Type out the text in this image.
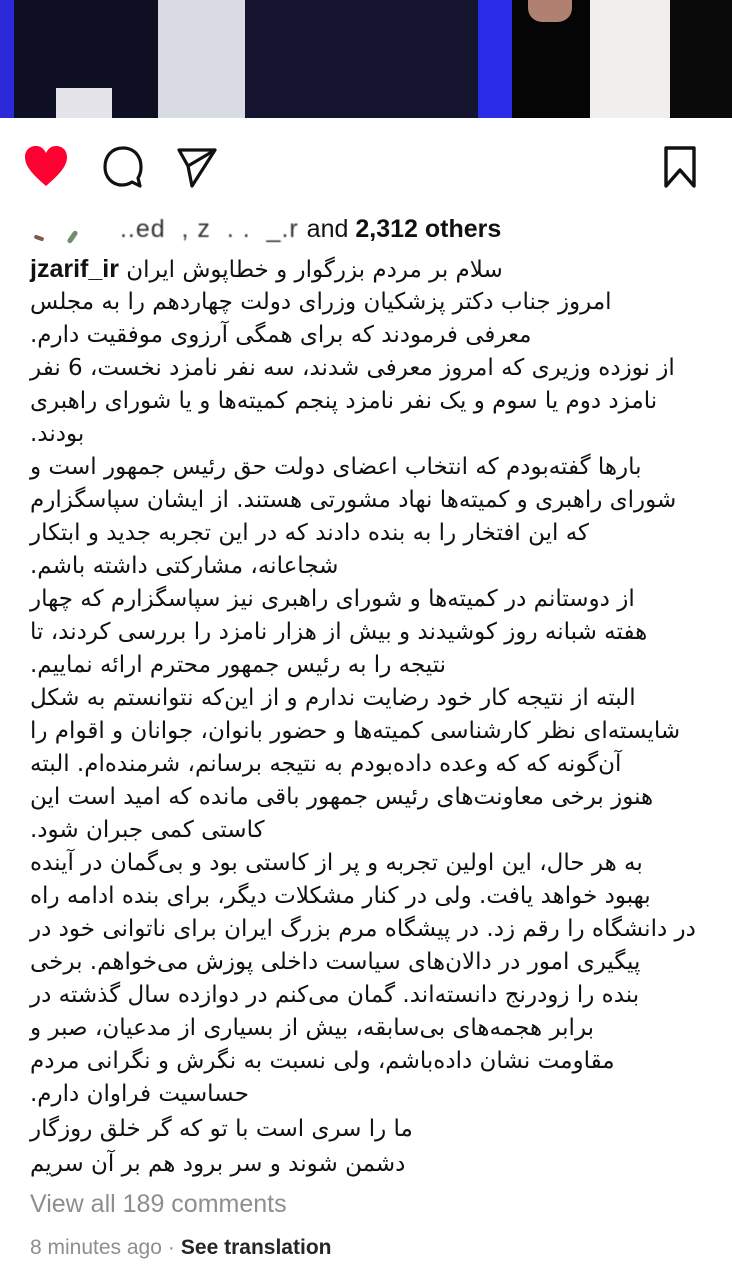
..ed  , z  . .  _.r and 2,312 others
jzarif_ir سلام بر مردم بزرگوار و خطاپوش ایران
امروز جناب دکتر پزشکیان وزرای دولت چهاردهم را به مجلس
معرفی فرمودند که برای همگی آرزوی موفقیت دارم.
از نوزده وزیری که امروز معرفی شدند، سه نفر نامزد نخست، 6 نفر
نامزد دوم یا سوم و یک نفر نامزد پنجم کمیته‌ها و یا شورای راهبری
بودند.
بارها گفته‌بودم که انتخاب اعضای دولت حق رئیس جمهور است و
شورای راهبری و کمیته‌ها نهاد مشورتی هستند. از ایشان سپاسگزارم
که این افتخار را به بنده دادند که در این تجربه جدید و ابتکار
شجاعانه، مشارکتی داشته باشم.
از دوستانم در کمیته‌ها و شورای راهبری نیز سپاسگزارم که چهار
هفته شبانه روز کوشیدند و بیش از هزار نامزد را بررسی کردند، تا
نتیجه را به رئیس جمهور محترم ارائه نماییم.
البته از نتیجه کار خود رضایت ندارم و از این‌که نتوانستم به شکل
شایسته‌ای نظر کارشناسی کمیته‌ها و حضور بانوان، جوانان و اقوام را
آن‌گونه که که وعده داده‌بودم به نتیجه برسانم، شرمنده‌ام. البته
هنوز برخی معاونت‌های رئیس جمهور باقی مانده که امید است این
کاستی کمی جبران شود.
به هر حال، این اولین تجربه و پر از کاستی بود و بی‌گمان در آینده
بهبود خواهد یافت. ولی در کنار مشکلات دیگر، برای بنده ادامه راه
در دانشگاه را رقم زد. در پیشگاه مرم بزرگ ایران برای ناتوانی خود در
پیگیری امور در دالان‌های سیاست داخلی پوزش می‌خواهم. برخی
بنده را زودرنج دانسته‌اند. گمان می‌کنم در دوازده سال گذشته در
برابر هجمه‌های بی‌سابقه، بیش از بسیاری از مدعیان، صبر و
مقاومت نشان داده‌باشم، ولی نسبت به نگرش و نگرانی مردم
حساسیت فراوان دارم.
ما را سری است با تو که گر خلق روزگار
دشمن شوند و سر برود هم بر آن سریم
View all 189 comments
8 minutes ago · See translation
